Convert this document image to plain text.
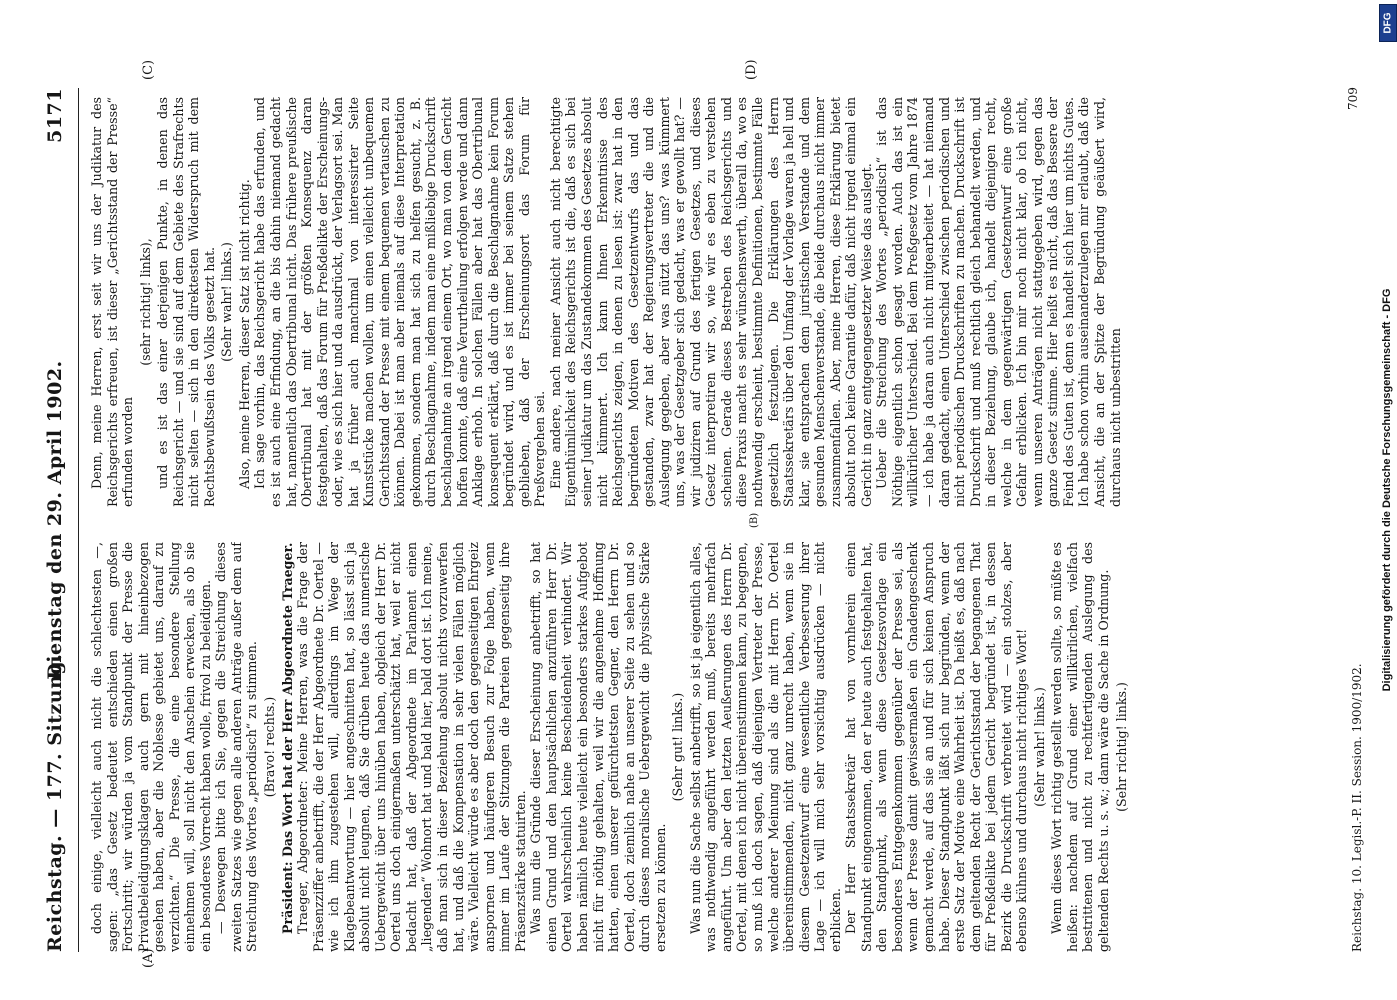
Reichstag. — 177. Sitzung.
Dienstag den 29. April 1902.
5171
(A)
(B)
(C)	(D)

doch einige, vielleicht auch nicht die schlechtesten —, sagen: „das Gesetz bedeutet entschieden einen großen Fortschritt; wir würden ja vom Standpunkt der Presse die Privatbeleidigungsklagen auch gern mit hineinbezogen gesehen haben, aber die Noblesse gebietet uns, darauf zu verzichten.“ Die Presse, die eine besondere Stellung einnehmen will, soll nicht den Anschein erwecken, als ob sie ein besonderes Vorrecht haben wolle, frivol zu beleidigen. — Deswegen bitte ich Sie, gegen die Streichung dieses zweiten Satzes wie gegen alle anderen Anträge außer dem auf Streichung des Wortes „periodisch“ zu stimmen. (Bravo! rechts.) Präsident: Das Wort hat der Herr Abgeordnete Traeger. Traeger, Abgeordneter: Meine Herren, was die Frage der Präsenzziffer anbetrifft, die der Herr Abgeordnete Dr. Oertel — wie ich ihm zugestehen will, allerdings im Wege der Klagebeantwortung — hier angeschnitten hat, so lässt sich ja absolut nicht leugnen, daß Sie drüben heute das numerische Uebergewicht über uns hinüben haben, obgleich der Herr Dr. Oertel uns doch einigermaßen unterschätzt hat, weil er nicht bedacht hat, daß der Abgeordnete im Parlament einen „liegenden“ Wohnort hat und bald hier, bald dort ist. Ich meine, daß man sich in dieser Beziehung absolut nichts vorzuwerfen hat, und daß die Kompensation in sehr vielen Fällen möglich wäre. Vielleicht würde es aber doch den gegenseitigen Ehrgeiz anspornen und häufigeren Besuch zur Folge haben, wenn immer im Laufe der Sitzungen die Parteien gegenseitig ihre Präsenzstärke statuirten. Was nun die Gründe dieser Erscheinung anbetrifft, so hat einen Grund und den hauptsächlichen anzuführen Herr Dr. Oertel wahrscheinlich keine Bescheidenheit verhindert. Wir haben nämlich heute vielleicht ein besonders starkes Aufgebot nicht für nöthig gehalten, weil wir die angenehme Hoffnung hatten, einen unserer gefürchtetsten Gegner, den Herrn Dr. Oertel, doch ziemlich nahe an unserer Seite zu sehen und so durch dieses moralische Uebergewicht die physische Stärke ersetzen zu können.

(Sehr gut! links.) Was nun die Sache selbst anbetrifft, so ist ja eigentlich alles, was nothwendig angeführt werden muß, bereits mehrfach angeführt. Um aber den letzten Aeußerungen des Herrn Dr. Oertel, mit denen ich nicht übereinstimmen kann, zu begegnen, so muß ich doch sagen, daß diejenigen Vertreter der Presse, welche anderer Meinung sind als die mit Herrn Dr. Oertel übereinstimmenden, nicht ganz unrecht haben, wenn sie in diesem Gesetzentwurf eine wesentliche Verbesserung ihrer Lage — ich will mich sehr vorsichtig ausdrücken — nicht erblicken. Der Herr Staatssekretär hat von vornherein einen Standpunkt eingenommen, den er heute auch festgehalten hat, den Standpunkt, als wenn diese Gesetzesvorlage ein besonderes Entgegenkommen gegenüber der Presse sei, als wenn der Presse damit gewissermaßen ein Gnadengeschenk gemacht werde, auf das sie an und für sich keinen Anspruch habe. Dieser Standpunkt läßt sich nur begründen, wenn der erste Satz der Motive eine Wahrheit ist. Da heißt es, daß nach dem geltenden Recht der Gerichtsstand der begangenen That für Preßdelikte bei jedem Gericht begründet ist, in dessen Bezirk die Druckschrift verbreitet wird — ein stolzes, aber ebenso kühnes und durchaus nicht richtiges Wort! (Sehr wahr! links.) Wenn dieses Wort richtig gestellt werden sollte, so müßte es heißen: nachdem auf Grund einer willkürlichen, vielfach bestrittenen und nicht zu rechtfertigenden Auslegung des geltenden Rechts u. s. w.; dann wäre die Sache in Ordnung. (Sehr richtig! links.)

Denn, meine Herren, erst seit wir uns der Judikatur des Reichsgerichts erfreuen, ist dieser „Gerichtsstand der Presse“ erfunden worden

(sehr richtig! links), und es ist das einer derjenigen Punkte, in denen das Reichsgericht — und sie sind auf dem Gebiete des Strafrechts nicht selten — sich in den direktesten Widerspruch mit dem Rechtsbewußtsein des Volks gesetzt hat. (Sehr wahr! links.) Also, meine Herren, dieser Satz ist nicht richtig. Ich sage vorhin, das Reichsgericht habe das erfunden, und es ist auch eine Erfindung, an die bis dahin niemand gedacht hat, namentlich das Obertribunal nicht. Das frühere preußische Obertribunal hat mit der größten Konsequenz daran festgehalten, daß das Forum für Preßdelikte der Erscheinungs- oder, wie es sich hier und da ausdrückt, der Verlagsort sei. Man hat ja früher auch manchmal von interessirter Seite Kunststücke machen wollen, um einen vielleicht unbequemen Gerichtsstand der Presse mit einem bequemen vertauschen zu können. Dabei ist man aber niemals auf diese Interpretation gekommen, sondern man hat sich zu helfen gesucht, z. B. durch Beschlagnahme, indem man eine mißliebige Druckschrift beschlagnahmte an irgend einem Ort, wo man von dem Gericht hoffen konnte, daß eine Verurtheilung erfolgen werde und dann Anklage erhob. In solchen Fällen aber hat das Obertribunal konsequent erklärt, daß durch die Beschlagnahme kein Forum begründet wird, und es ist immer bei seinem Satze stehen geblieben, daß der Erscheinungsort das Forum für Preßvergehen sei. Eine andere, nach meiner Ansicht auch nicht berechtigte Eigenthümlichkeit des Reichsgerichts ist die, daß es sich bei seiner Judikatur um das Zustandekommen des Gesetzes absolut nicht kümmert. Ich kann Ihnen Erkenntnisse des Reichsgerichts zeigen, in denen zu lesen ist: zwar hat in den begründeten Motiven des Gesetzentwurfs das und das gestanden, zwar hat der Regierungsvertreter die und die Auslegung gegeben, aber was nützt das uns? was kümmert uns, was der Gesetzgeber sich gedacht, was er gewollt hat? — wir judiziren auf Grund des fertigen Gesetzes, und dieses Gesetz interpretiren wir so, wie wir es eben zu verstehen scheinen. Gerade dieses Bestreben des Reichsgerichts und diese Praxis macht es sehr wünschenswerth, überall da, wo es nothwendig erscheint, bestimmte Definitionen, bestimmte Fälle gesetzlich festzulegen. Die Erklärungen des Herrn Staatssekretärs über den Umfang der Vorlage waren ja hell und klar, sie entsprachen dem juristischen Verstande und dem gesunden Menschenverstande, die beide durchaus nicht immer zusammenfallen. Aber, meine Herren, diese Erklärung bietet absolut noch keine Garantie dafür, daß nicht irgend einmal ein Gericht in ganz entgegengesetzter Weise das auslegt. Ueber die Streichung des Wortes „periodisch“ ist das Nöthige eigentlich schon gesagt worden. Auch das ist ein willkürlicher Unterschied. Bei dem Preßgesetz vom Jahre 1874 — ich habe ja daran auch nicht mitgearbeitet — hat niemand daran gedacht, einen Unterschied zwischen periodischen und nicht periodischen Druckschriften zu machen. Druckschrift ist Druckschrift und muß rechtlich gleich behandelt werden, und in dieser Beziehung, glaube ich, handelt diejenigen recht, welche in dem gegenwärtigen Gesetzentwurf eine große Gefahr erblicken. Ich bin mir noch nicht klar, ob ich nicht, wenn unseren Anträgen nicht stattgegeben wird, gegen das ganze Gesetz stimme. Hier heißt es nicht, daß das Bessere der Feind des Guten ist, denn es handelt sich hier um nichts Gutes. Ich habe schon vorhin auseinanderzulegen mir erlaubt, daß die Ansicht, die an der Spitze der Begründung geäußert wird, durchaus nicht unbestritten

Reichstag. 10. Legisl.-P. II. Session. 1900/1902.
709
DFG
Digitalisierung gefördert durch die Deutsche Forschungsgemeinschaft - DFG
